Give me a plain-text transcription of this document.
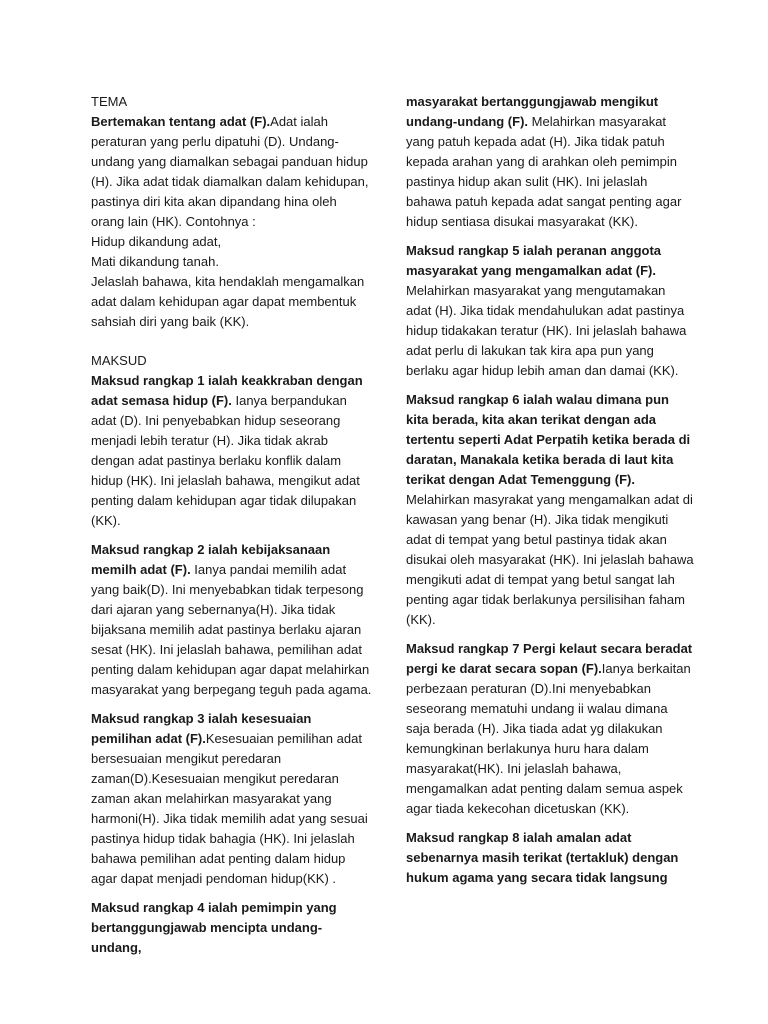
TEMA
Bertemakan tentang adat (F).Adat ialah peraturan yang perlu dipatuhi (D). Undang-undang yang diamalkan sebagai panduan hidup (H). Jika adat tidak diamalkan dalam kehidupan, pastinya diri kita akan dipandang hina oleh orang lain (HK). Contohnya :
Hidup dikandung adat,
Mati dikandung tanah.
Jelaslah bahawa, kita hendaklah mengamalkan adat dalam kehidupan agar dapat membentuk sahsiah diri yang baik (KK).

MAKSUD
Maksud rangkap 1 ialah keakkraban dengan adat semasa hidup (F). Ianya berpandukan adat (D). Ini penyebabkan hidup seseorang menjadi lebih teratur (H). Jika tidak akrab dengan adat pastinya berlaku konflik dalam hidup (HK). Ini jelaslah bahawa, mengikut adat penting dalam kehidupan agar tidak dilupakan (KK).

Maksud rangkap 2 ialah kebijaksanaan memilh adat (F). Ianya pandai memilih adat yang baik(D). Ini menyebabkan tidak terpesong dari ajaran yang sebernanya(H). Jika tidak bijaksana memilih adat pastinya berlaku ajaran sesat (HK). Ini jelaslah bahawa, pemilihan adat penting dalam kehidupan agar dapat melahirkan masyarakat yang berpegang teguh pada agama.

Maksud rangkap 3 ialah kesesuaian pemilihan adat (F).Kesesuaian pemilihan adat bersesuaian mengikut peredaran zaman(D).Kesesuaian mengikut peredaran zaman akan melahirkan masyarakat yang harmoni(H). Jika tidak memilih adat yang sesuai pastinya hidup tidak bahagia (HK). Ini jelaslah bahawa pemilihan adat penting dalam hidup agar dapat menjadi pendoman hidup(KK) .

Maksud rangkap 4 ialah pemimpin yang bertanggungjawab mencipta undang-undang,

masyarakat bertanggungjawab mengikut undang-undang (F). Melahirkan masyarakat yang patuh kepada adat (H). Jika tidak patuh kepada arahan yang di arahkan oleh pemimpin pastinya hidup akan sulit (HK). Ini jelaslah bahawa patuh kepada adat sangat penting agar hidup sentiasa disukai masyarakat (KK).

Maksud rangkap 5 ialah peranan anggota masyarakat yang mengamalkan adat (F). Melahirkan masyarakat yang mengutamakan adat (H). Jika tidak mendahulukan adat pastinya hidup tidakakan teratur (HK). Ini jelaslah bahawa adat perlu di lakukan tak kira apa pun yang berlaku agar hidup lebih aman dan damai (KK).

Maksud rangkap 6 ialah walau dimana pun kita berada, kita akan terikat dengan ada tertentu seperti Adat Perpatih ketika berada di daratan, Manakala ketika berada di laut kita terikat dengan Adat Temenggung (F). Melahirkan masyrakat yang mengamalkan adat di kawasan yang benar (H). Jika tidak mengikuti adat di tempat yang betul pastinya tidak akan disukai oleh masyarakat (HK). Ini jelaslah bahawa mengikuti adat di tempat yang betul sangat lah penting agar tidak berlakunya persilisihan faham (KK).

Maksud rangkap 7 Pergi kelaut secara beradat pergi ke darat secara sopan (F).Ianya berkaitan perbezaan peraturan (D).Ini menyebabkan seseorang mematuhi undang ii walau dimana saja berada (H). Jika tiada adat yg dilakukan kemungkinan berlakunya huru hara dalam masyarakat(HK). Ini jelaslah bahawa, mengamalkan adat penting dalam semua aspek agar tiada kekecohan dicetuskan (KK).

Maksud rangkap 8 ialah amalan adat sebenarnya masih terikat (tertakluk) dengan hukum agama yang secara tidak langsung
